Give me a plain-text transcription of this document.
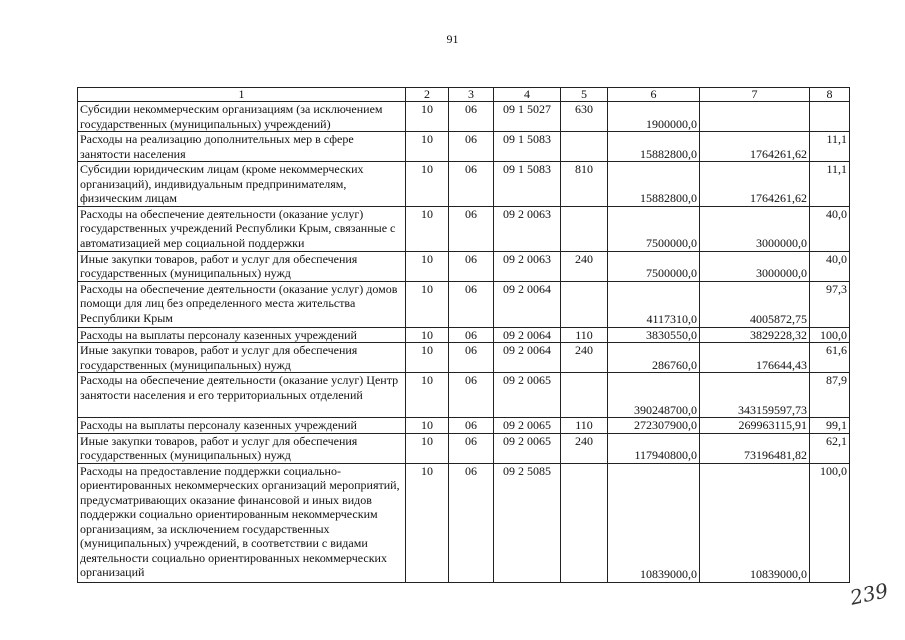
91
1	2	3	4	5	6	7	8
Субсидии некоммерческим организациям (за исключением государственных (муниципальных) учреждений)	10	06	09 1 5027	630	1900000,0		
Расходы на реализацию дополнительных мер в сфере занятости населения	10	06	09 1 5083		15882800,0	1764261,62	11,1
Субсидии юридическим лицам (кроме некоммерческих организаций), индивидуальным предпринимателям, физическим лицам	10	06	09 1 5083	810	15882800,0	1764261,62	11,1
Расходы на обеспечение деятельности (оказание услуг) государственных учреждений Республики Крым, связанные с автоматизацией мер социальной поддержки	10	06	09 2 0063		7500000,0	3000000,0	40,0
Иные закупки товаров, работ и услуг для обеспечения государственных (муниципальных) нужд	10	06	09 2 0063	240	7500000,0	3000000,0	40,0
Расходы на обеспечение деятельности (оказание услуг) домов помощи для лиц без определенного места жительства Республики Крым	10	06	09 2 0064		4117310,0	4005872,75	97,3
Расходы на выплаты персоналу казенных учреждений	10	06	09 2 0064	110	3830550,0	3829228,32	100,0
Иные закупки товаров, работ и услуг для обеспечения государственных (муниципальных) нужд	10	06	09 2 0064	240	286760,0	176644,43	61,6
Расходы на обеспечение деятельности (оказание услуг) Центр занятости населения и его территориальных отделений	10	06	09 2 0065		390248700,0	343159597,73	87,9
Расходы на выплаты персоналу казенных учреждений	10	06	09 2 0065	110	272307900,0	269963115,91	99,1
Иные закупки товаров, работ и услуг для обеспечения государственных (муниципальных) нужд	10	06	09 2 0065	240	117940800,0	73196481,82	62,1
Расходы на предоставление поддержки социально-ориентированных некоммерческих организаций мероприятий, предусматривающих оказание финансовой и иных видов поддержки социально ориентированным некоммерческим организациям, за исключением государственных (муниципальных) учреждений, в соответствии с видами деятельности социально ориентированных некоммерческих организаций	10	06	09 2 5085		10839000,0	10839000,0	100,0
239
